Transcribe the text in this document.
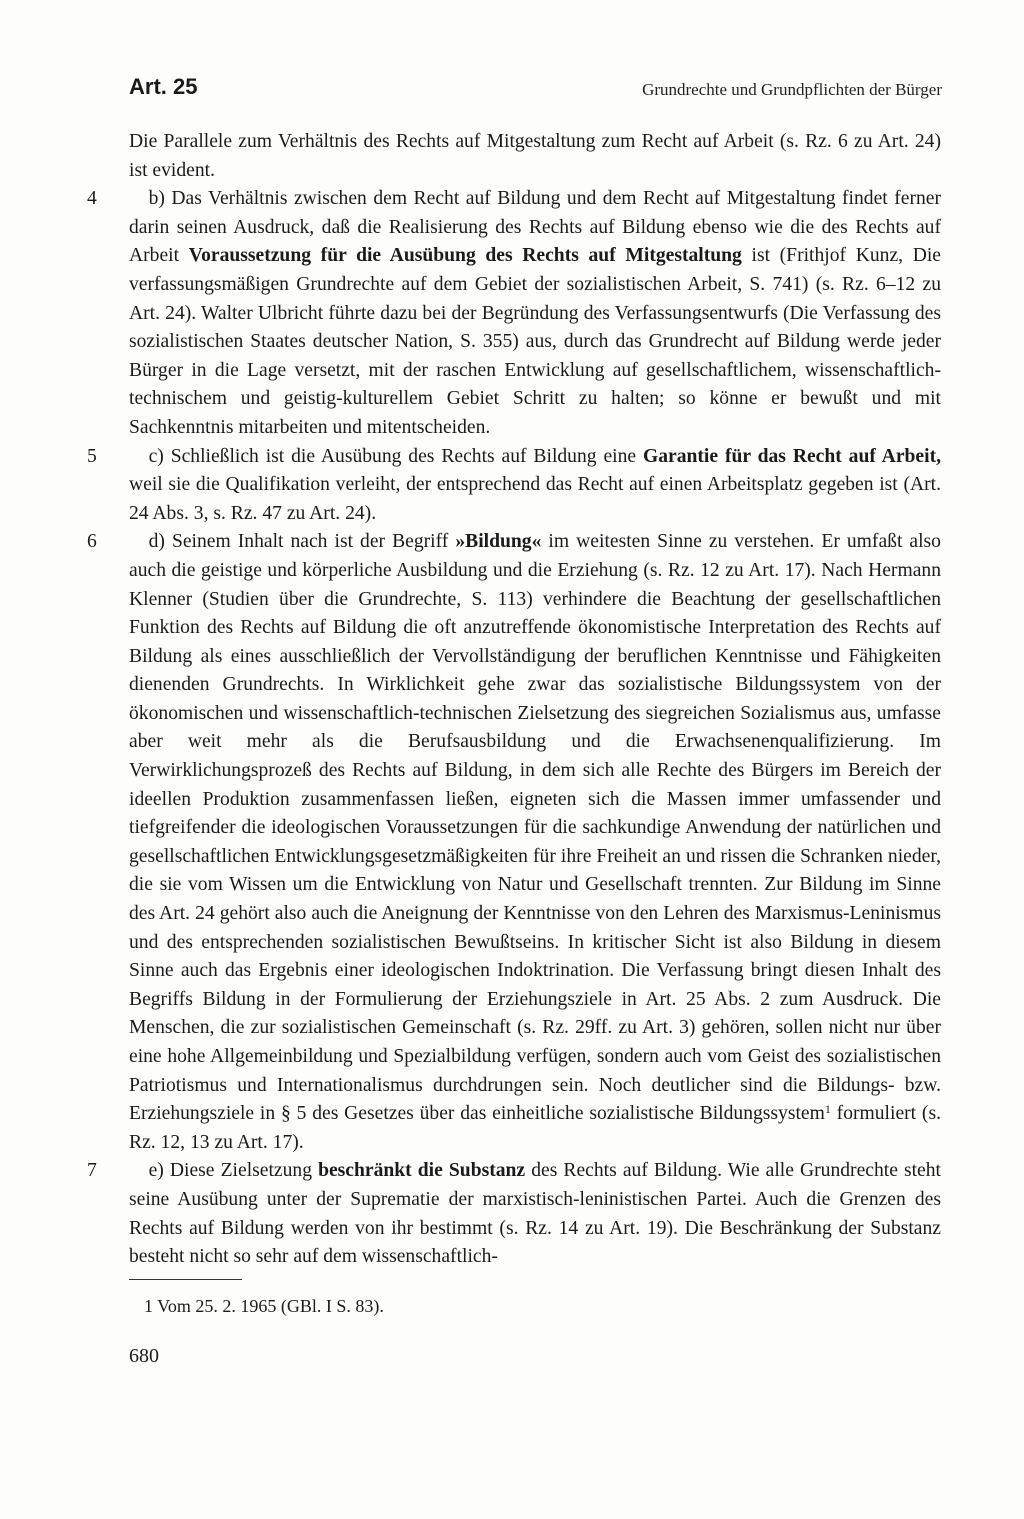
Art. 25	Grundrechte und Grundpflichten der Bürger

Die Parallele zum Verhältnis des Rechts auf Mitgestaltung zum Recht auf Arbeit (s. Rz. 6 zu Art. 24) ist evident.

4
 	b) Das Verhältnis zwischen dem Recht auf Bildung und dem Recht auf Mitgestaltung findet ferner darin seinen Ausdruck, daß die Realisierung des Rechts auf Bildung ebenso wie die des Rechts auf Arbeit Voraussetzung für die Ausübung des Rechts auf Mitgestaltung ist (Frithjof Kunz, Die verfassungsmäßigen Grundrechte auf dem Gebiet der sozialistischen Arbeit, S. 741) (s. Rz. 6–12 zu Art. 24). Walter Ulbricht führte dazu bei der Begründung des Verfassungsentwurfs (Die Verfassung des sozialistischen Staates deutscher Nation, S. 355) aus, durch das Grundrecht auf Bildung werde jeder Bürger in die Lage versetzt, mit der raschen Entwicklung auf gesellschaftlichem, wissenschaftlich-technischem und geistig-kulturellem Gebiet Schritt zu halten; so könne er bewußt und mit Sachkenntnis mitarbeiten und mitentscheiden.

5
 	c) Schließlich ist die Ausübung des Rechts auf Bildung eine Garantie für das Recht auf Arbeit, weil sie die Qualifikation verleiht, der entsprechend das Recht auf einen Arbeitsplatz gegeben ist (Art. 24 Abs. 3, s. Rz. 47 zu Art. 24).

6
 	d) Seinem Inhalt nach ist der Begriff »Bildung« im weitesten Sinne zu verstehen. Er umfaßt also auch die geistige und körperliche Ausbildung und die Erziehung (s. Rz. 12 zu Art. 17). Nach Hermann Klenner (Studien über die Grundrechte, S. 113) verhindere die Beachtung der gesellschaftlichen Funktion des Rechts auf Bildung die oft anzutreffende ökonomistische Interpretation des Rechts auf Bildung als eines ausschließlich der Vervollständigung der beruflichen Kenntnisse und Fähigkeiten dienenden Grundrechts. In Wirklichkeit gehe zwar das sozialistische Bildungssystem von der ökonomischen und wissenschaftlich-technischen Zielsetzung des siegreichen Sozialismus aus, umfasse aber weit mehr als die Berufsausbildung und die Erwachsenenqualifizierung. Im Verwirklichungsprozeß des Rechts auf Bildung, in dem sich alle Rechte des Bürgers im Bereich der ideellen Produktion zusammenfassen ließen, eigneten sich die Massen immer umfassender und tiefgreifender die ideologischen Voraussetzungen für die sachkundige Anwendung der natürlichen und gesellschaftlichen Entwicklungsgesetzmäßigkeiten für ihre Freiheit an und rissen die Schranken nieder, die sie vom Wissen um die Entwicklung von Natur und Gesellschaft trennten. Zur Bildung im Sinne des Art. 24 gehört also auch die Aneignung der Kenntnisse von den Lehren des Marxismus-Leninismus und des entsprechenden sozialistischen Bewußtseins. In kritischer Sicht ist also Bildung in diesem Sinne auch das Ergebnis einer ideologischen Indoktrination. Die Verfassung bringt diesen Inhalt des Begriffs Bildung in der Formulierung der Erziehungsziele in Art. 25 Abs. 2 zum Ausdruck. Die Menschen, die zur sozialistischen Gemeinschaft (s. Rz. 29ff. zu Art. 3) gehören, sollen nicht nur über eine hohe Allgemeinbildung und Spezialbildung verfügen, sondern auch vom Geist des sozialistischen Patriotismus und Internationalismus durchdrungen sein. Noch deutlicher sind die Bildungs- bzw. Erziehungsziele in § 5 des Gesetzes über das einheitliche sozialistische Bildungssystem$^1$ formuliert (s. Rz. 12, 13 zu Art. 17).

7
 	e) Diese Zielsetzung beschränkt die Substanz des Rechts auf Bildung. Wie alle Grundrechte steht seine Ausübung unter der Suprematie der marxistisch-leninistischen Partei. Auch die Grenzen des Rechts auf Bildung werden von ihr bestimmt (s. Rz. 14 zu Art. 19). Die Beschränkung der Substanz besteht nicht so sehr auf dem wissenschaftlich-

1 Vom 25. 2. 1965 (GBl. I S. 83).
680
